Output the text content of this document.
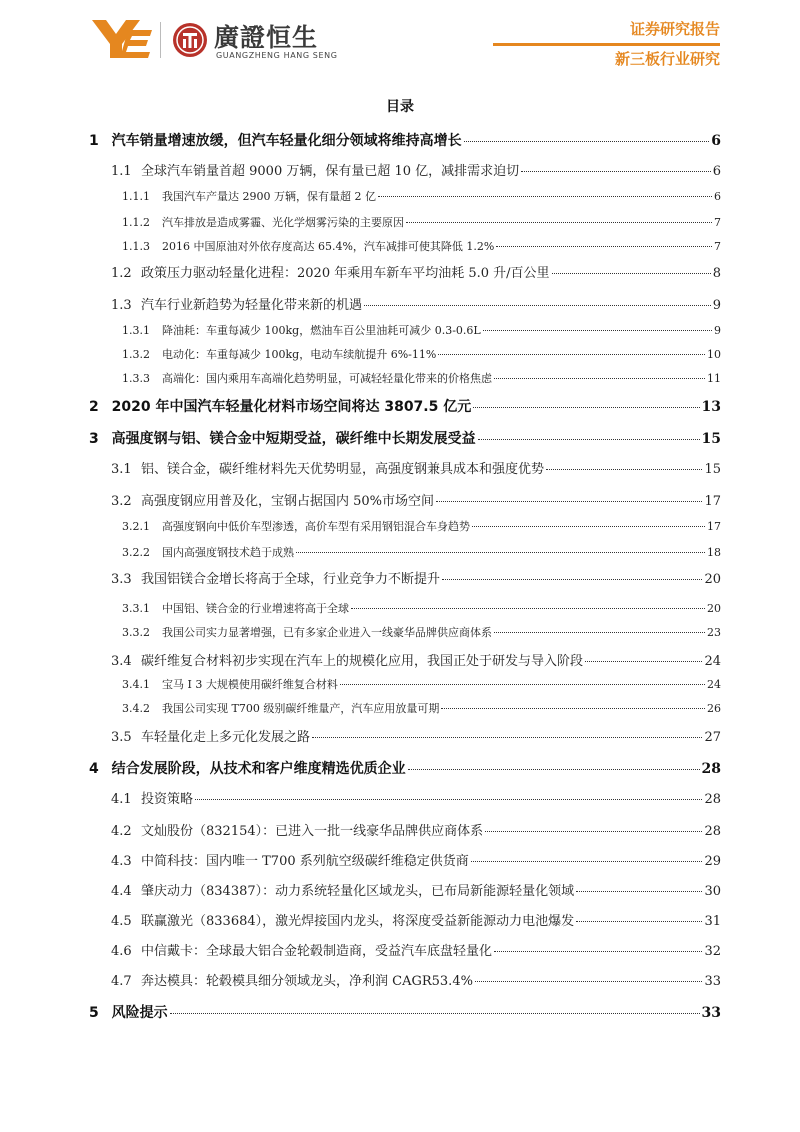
廣證恒生
GUANGZHENG HANG SENG
证券研究报告
新三板行业研究
目录
1 汽车销量增速放缓，但汽车轻量化细分领域将维持高增长	6
1.1 全球汽车销量首超 9000 万辆，保有量已超 10 亿，减排需求迫切	6
1.1.1 我国汽车产量达 2900 万辆，保有量超 2 亿	6
1.1.2 汽车排放是造成雾霾、光化学烟雾污染的主要原因	7
1.1.3 2016 中国原油对外依存度高达 65.4%，汽车减排可使其降低 1.2%	7
1.2 政策压力驱动轻量化进程：2020 年乘用车新车平均油耗 5.0 升/百公里	8
1.3 汽车行业新趋势为轻量化带来新的机遇	9
1.3.1 降油耗：车重每减少 100kg，燃油车百公里油耗可减少 0.3-0.6L	9
1.3.2 电动化：车重每减少 100kg，电动车续航提升 6%-11%	10
1.3.3 高端化：国内乘用车高端化趋势明显，可减轻轻量化带来的价格焦虑	11
2 2020 年中国汽车轻量化材料市场空间将达 3807.5 亿元	13
3 高强度钢与铝、镁合金中短期受益，碳纤维中长期发展受益	15
3.1 铝、镁合金，碳纤维材料先天优势明显，高强度钢兼具成本和强度优势	15
3.2 高强度钢应用普及化，宝钢占据国内 50%市场空间	17
3.2.1 高强度钢向中低价车型渗透，高价车型有采用钢铝混合车身趋势	17
3.2.2 国内高强度钢技术趋于成熟	18
3.3 我国铝镁合金增长将高于全球，行业竞争力不断提升	20
3.3.1 中国铝、镁合金的行业增速将高于全球	20
3.3.2 我国公司实力显著增强，已有多家企业进入一线豪华品牌供应商体系	23
3.4 碳纤维复合材料初步实现在汽车上的规模化应用，我国正处于研发与导入阶段	24
3.4.1 宝马 I 3 大规模使用碳纤维复合材料	24
3.4.2 我国公司实现 T700 级别碳纤维量产，汽车应用放量可期	26
3.5 车轻量化走上多元化发展之路	27
4 结合发展阶段，从技术和客户维度精选优质企业	28
4.1 投资策略	28
4.2 文灿股份（832154）：已进入一批一线豪华品牌供应商体系	28
4.3 中简科技：国内唯一 T700 系列航空级碳纤维稳定供货商	29
4.4 肇庆动力（834387）：动力系统轻量化区域龙头，已布局新能源轻量化领域	30
4.5 联赢激光（833684），激光焊接国内龙头，将深度受益新能源动力电池爆发	31
4.6 中信戴卡：全球最大铝合金轮毂制造商，受益汽车底盘轻量化	32
4.7 奔达模具：轮毂模具细分领域龙头，净利润 CAGR53.4%	33
5 风险提示	33
